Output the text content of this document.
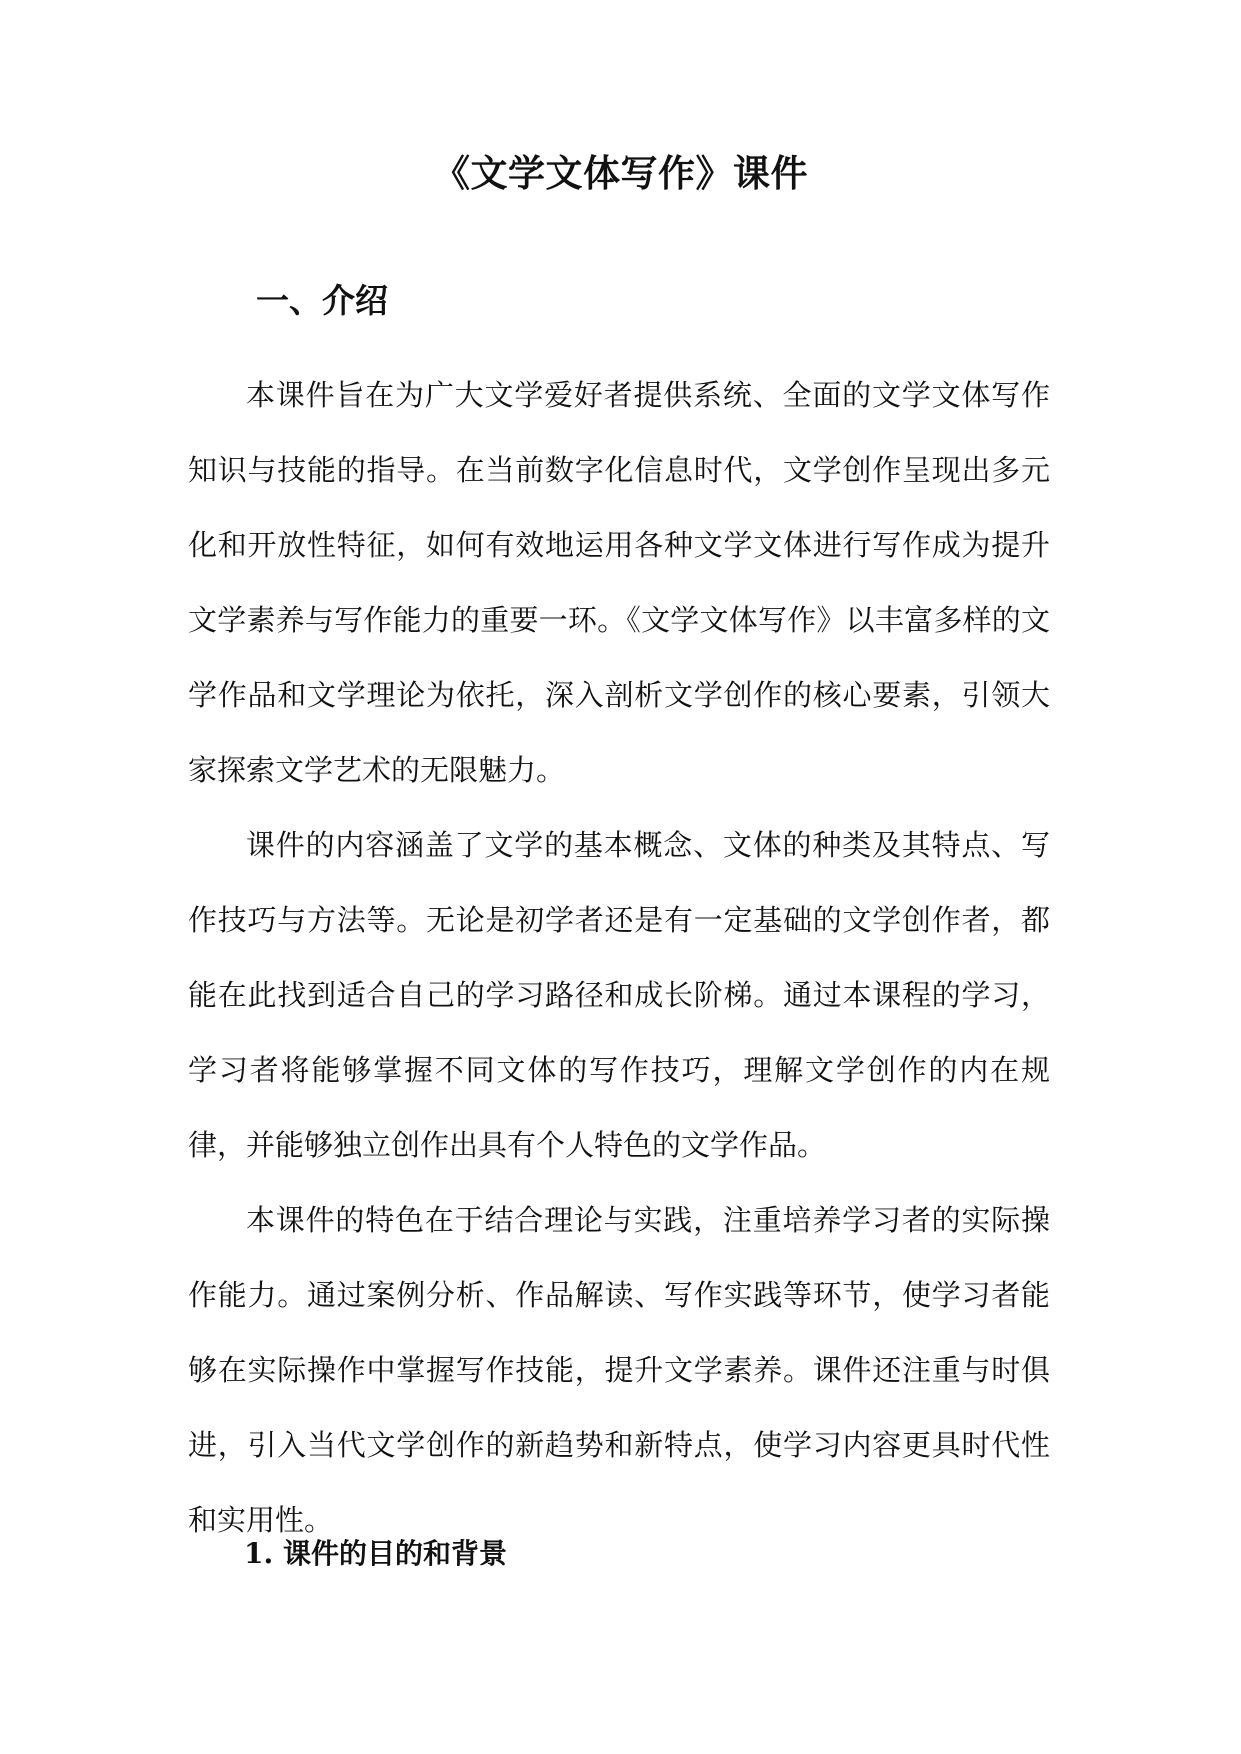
《文学文体写作》课件
一、介绍

本课件旨在为广大文学爱好者提供系统、全面的文学文体写作知识与技能的指导。在当前数字化信息时代，文学创作呈现出多元化和开放性特征，如何有效地运用各种文学文体进行写作成为提升文学素养与写作能力的重要一环。《文学文体写作》以丰富多样的文学作品和文学理论为依托，深入剖析文学创作的核心要素，引领大家探索文学艺术的无限魅力。

课件的内容涵盖了文学的基本概念、文体的种类及其特点、写作技巧与方法等。无论是初学者还是有一定基础的文学创作者，都能在此找到适合自己的学习路径和成长阶梯。通过本课程的学习，学习者将能够掌握不同文体的写作技巧，理解文学创作的内在规律，并能够独立创作出具有个人特色的文学作品。

本课件的特色在于结合理论与实践，注重培养学习者的实际操作能力。通过案例分析、作品解读、写作实践等环节，使学习者能够在实际操作中掌握写作技能，提升文学素养。课件还注重与时俱进，引入当代文学创作的新趋势和新特点，使学习内容更具时代性和实用性。

1. 课件的目的和背景
